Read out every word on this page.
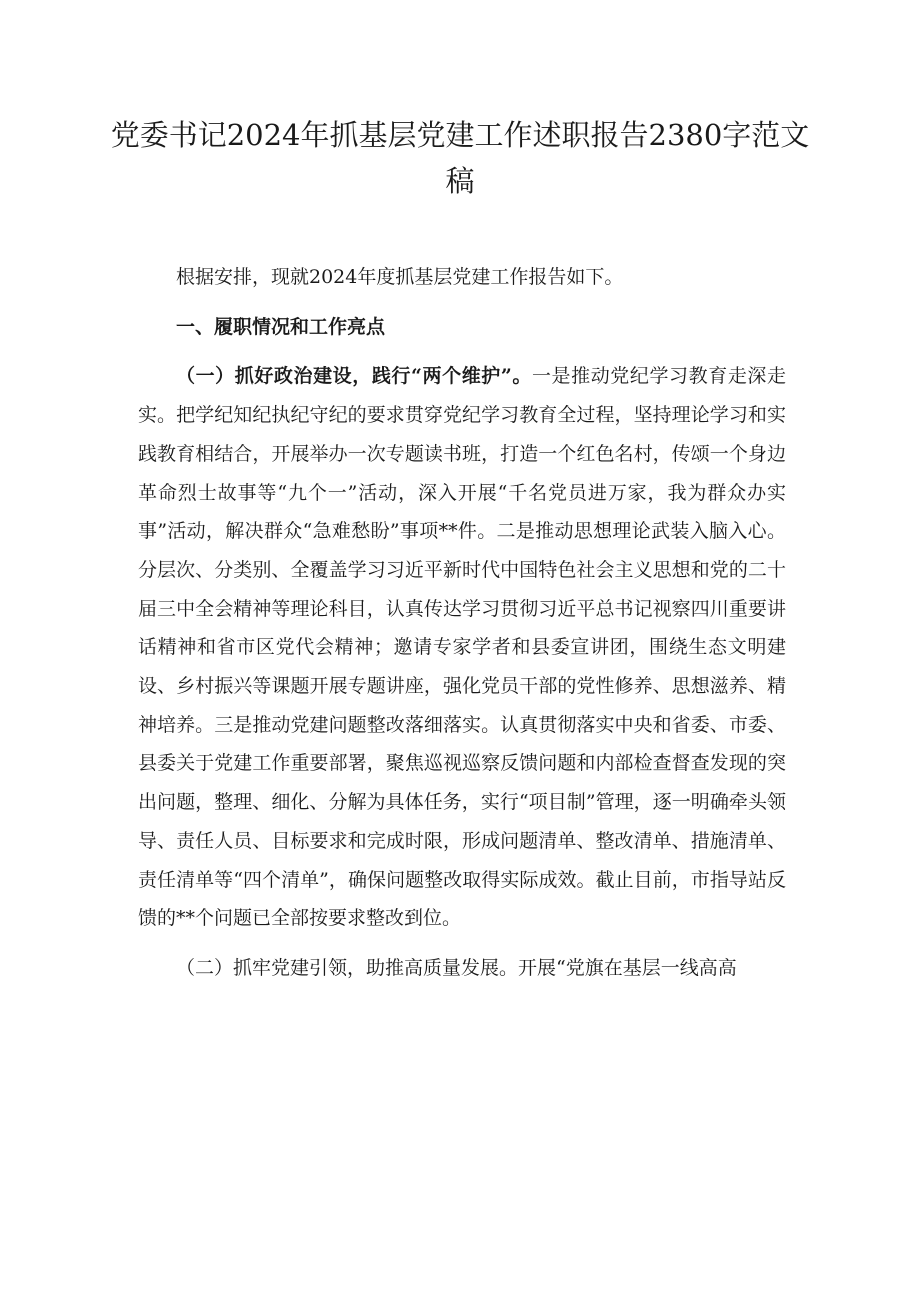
党委书记2024年抓基层党建工作述职报告2380字范文稿

根据安排，现就2024年度抓基层党建工作报告如下。

一、履职情况和工作亮点

（一）抓好政治建设，践行“两个维护”。一是推动党纪学习教育走深走实。把学纪知纪执纪守纪的要求贯穿党纪学习教育全过程，坚持理论学习和实践教育相结合，开展举办一次专题读书班，打造一个红色名村，传颂一个身边革命烈士故事等“九个一”活动，深入开展“千名党员进万家，我为群众办实事”活动，解决群众“急难愁盼”事项**件。二是推动思想理论武装入脑入心。分层次、分类别、全覆盖学习习近平新时代中国特色社会主义思想和党的二十届三中全会精神等理论科目，认真传达学习贯彻习近平总书记视察四川重要讲话精神和省市区党代会精神；邀请专家学者和县委宣讲团，围绕生态文明建设、乡村振兴等课题开展专题讲座，强化党员干部的党性修养、思想滋养、精神培养。三是推动党建问题整改落细落实。认真贯彻落实中央和省委、市委、县委关于党建工作重要部署，聚焦巡视巡察反馈问题和内部检查督查发现的突出问题，整理、细化、分解为具体任务，实行“项目制”管理，逐一明确牵头领导、责任人员、目标要求和完成时限，形成问题清单、整改清单、措施清单、责任清单等“四个清单”，确保问题整改取得实际成效。截止目前，市指导站反馈的**个问题已全部按要求整改到位。

（二）抓牢党建引领，助推高质量发展。开展“党旗在基层一线高高
